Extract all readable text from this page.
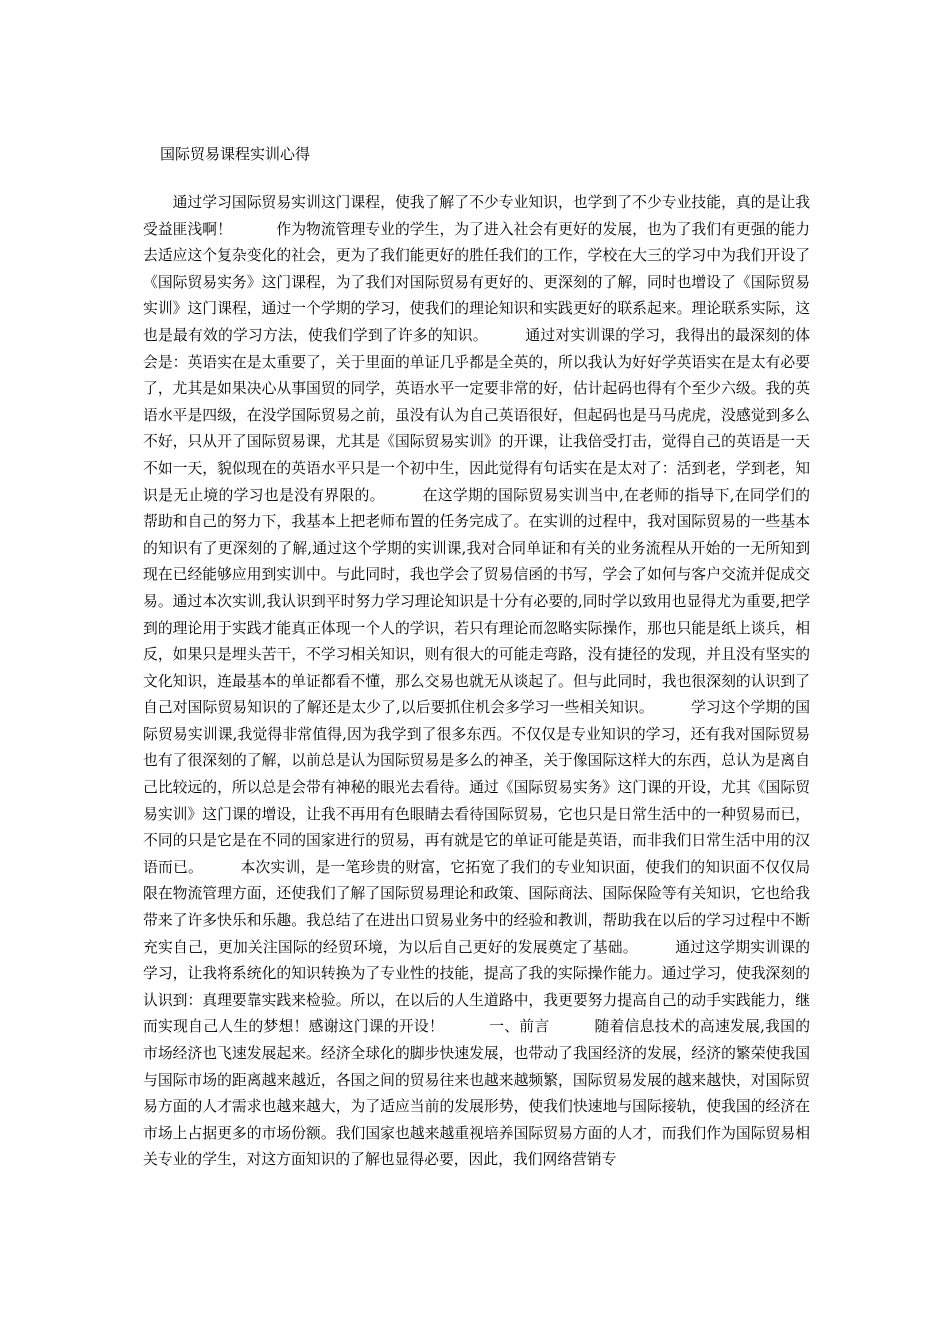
国际贸易课程实训心得

通过学习国际贸易实训这门课程，使我了解了不少专业知识，也学到了不少专业技能，真的是让我受益匪浅啊！　　　作为物流管理专业的学生，为了进入社会有更好的发展，也为了我们有更强的能力去适应这个复杂变化的社会，更为了我们能更好的胜任我们的工作，学校在大三的学习中为我们开设了《国际贸易实务》这门课程，为了我们对国际贸易有更好的、更深刻的了解，同时也增设了《国际贸易实训》这门课程，通过一个学期的学习，使我们的理论知识和实践更好的联系起来。理论联系实际，这也是最有效的学习方法，使我们学到了许多的知识。　　　通过对实训课的学习，我得出的最深刻的体会是：英语实在是太重要了，关于里面的单证几乎都是全英的，所以我认为好好学英语实在是太有必要了，尤其是如果决心从事国贸的同学，英语水平一定要非常的好，估计起码也得有个至少六级。我的英语水平是四级，在没学国际贸易之前，虽没有认为自己英语很好，但起码也是马马虎虎，没感觉到多么不好，只从开了国际贸易课，尤其是《国际贸易实训》的开课，让我倍受打击，觉得自己的英语是一天不如一天，貌似现在的英语水平只是一个初中生，因此觉得有句话实在是太对了：活到老，学到老，知识是无止境的学习也是没有界限的。　　　在这学期的国际贸易实训当中,在老师的指导下,在同学们的帮助和自己的努力下，我基本上把老师布置的任务完成了。在实训的过程中，我对国际贸易的一些基本的知识有了更深刻的了解,通过这个学期的实训课,我对合同单证和有关的业务流程从开始的一无所知到现在已经能够应用到实训中。与此同时，我也学会了贸易信函的书写，学会了如何与客户交流并促成交易。通过本次实训,我认识到平时努力学习理论知识是十分有必要的,同时学以致用也显得尤为重要,把学到的理论用于实践才能真正体现一个人的学识，若只有理论而忽略实际操作，那也只能是纸上谈兵，相反，如果只是埋头苦干，不学习相关知识，则有很大的可能走弯路，没有捷径的发现，并且没有坚实的文化知识，连最基本的单证都看不懂，那么交易也就无从谈起了。但与此同时，我也很深刻的认识到了自己对国际贸易知识的了解还是太少了,以后要抓住机会多学习一些相关知识。　　　学习这个学期的国际贸易实训课,我觉得非常值得,因为我学到了很多东西。不仅仅是专业知识的学习，还有我对国际贸易也有了很深刻的了解，以前总是认为国际贸易是多么的神圣，关于像国际这样大的东西，总认为是离自己比较远的，所以总是会带有神秘的眼光去看待。通过《国际贸易实务》这门课的开设，尤其《国际贸易实训》这门课的增设，让我不再用有色眼睛去看待国际贸易，它也只是日常生活中的一种贸易而已，不同的只是它是在不同的国家进行的贸易，再有就是它的单证可能是英语，而非我们日常生活中用的汉语而已。　　　本次实训，是一笔珍贵的财富，它拓宽了我们的专业知识面，使我们的知识面不仅仅局限在物流管理方面，还使我们了解了国际贸易理论和政策、国际商法、国际保险等有关知识，它也给我带来了许多快乐和乐趣。我总结了在进出口贸易业务中的经验和教训，帮助我在以后的学习过程中不断充实自己，更加关注国际的经贸环境，为以后自己更好的发展奠定了基础。　　　通过这学期实训课的学习，让我将系统化的知识转换为了专业性的技能，提高了我的实际操作能力。通过学习，使我深刻的认识到：真理要靠实践来检验。所以，在以后的人生道路中，我更要努力提高自己的动手实践能力，继而实现自己人生的梦想！感谢这门课的开设！　　　一、前言　　　随着信息技术的高速发展,我国的市场经济也飞速发展起来。经济全球化的脚步快速发展，也带动了我国经济的发展，经济的繁荣使我国与国际市场的距离越来越近，各国之间的贸易往来也越来越频繁，国际贸易发展的越来越快，对国际贸易方面的人才需求也越来越大，为了适应当前的发展形势，使我们快速地与国际接轨，使我国的经济在市场上占据更多的市场份额。我们国家也越来越重视培养国际贸易方面的人才，而我们作为国际贸易相关专业的学生，对这方面知识的了解也显得必要，因此，我们网络营销专
